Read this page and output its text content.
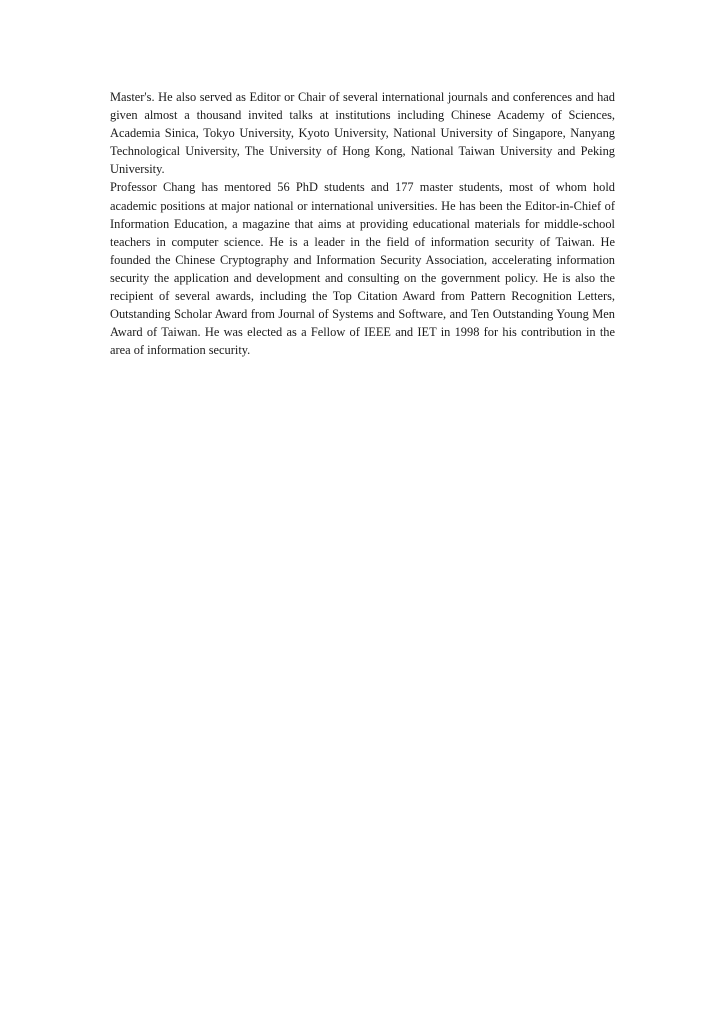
Master's. He also served as Editor or Chair of several international journals and conferences and had given almost a thousand invited talks at institutions including Chinese Academy of Sciences, Academia Sinica, Tokyo University, Kyoto University, National University of Singapore, Nanyang Technological University, The University of Hong Kong, National Taiwan University and Peking University.

Professor Chang has mentored 56 PhD students and 177 master students, most of whom hold academic positions at major national or international universities. He has been the Editor-in-Chief of Information Education, a magazine that aims at providing educational materials for middle-school teachers in computer science. He is a leader in the field of information security of Taiwan. He founded the Chinese Cryptography and Information Security Association, accelerating information security the application and development and consulting on the government policy. He is also the recipient of several awards, including the Top Citation Award from Pattern Recognition Letters, Outstanding Scholar Award from Journal of Systems and Software, and Ten Outstanding Young Men Award of Taiwan. He was elected as a Fellow of IEEE and IET in 1998 for his contribution in the area of information security.
